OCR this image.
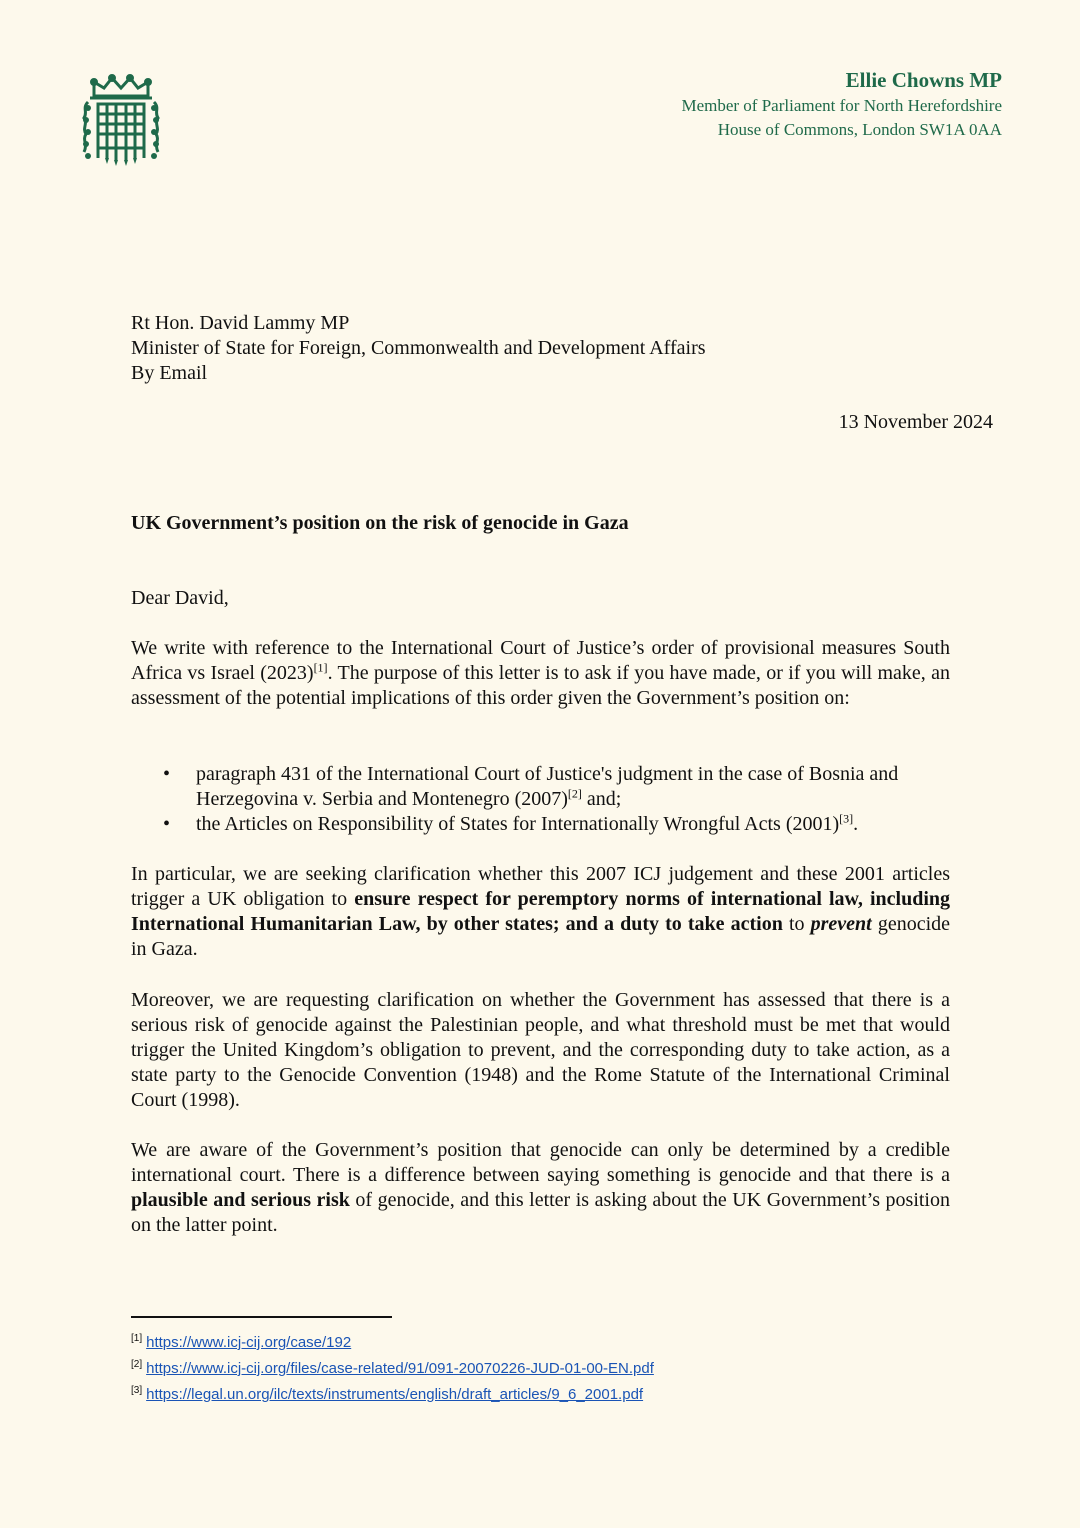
Ellie Chowns MP
Member of Parliament for North Herefordshire
House of Commons, London SW1A 0AA
Rt Hon. David Lammy MP
Minister of State for Foreign, Commonwealth and Development Affairs
By Email
13 November 2024
UK Government’s position on the risk of genocide in Gaza
Dear David,
We write with reference to the International Court of Justice’s order of provisional measures South Africa vs Israel (2023)[1]. The purpose of this letter is to ask if you have made, or if you will make, an assessment of the potential implications of this order given the Government’s position on:
• paragraph 431 of the International Court of Justice's judgment in the case of Bosnia and Herzegovina v. Serbia and Montenegro (2007)[2] and;
• the Articles on Responsibility of States for Internationally Wrongful Acts (2001)[3].
In particular, we are seeking clarification whether this 2007 ICJ judgement and these 2001 articles trigger a UK obligation to ensure respect for peremptory norms of international law, including International Humanitarian Law, by other states; and a duty to take action to prevent genocide in Gaza.
Moreover, we are requesting clarification on whether the Government has assessed that there is a serious risk of genocide against the Palestinian people, and what threshold must be met that would trigger the United Kingdom’s obligation to prevent, and the corresponding duty to take action, as a state party to the Genocide Convention (1948) and the Rome Statute of the International Criminal Court (1998).
We are aware of the Government’s position that genocide can only be determined by a credible international court. There is a difference between saying something is genocide and that there is a plausible and serious risk of genocide, and this letter is asking about the UK Government’s position on the latter point.
[1] https://www.icj-cij.org/case/192
[2] https://www.icj-cij.org/files/case-related/91/091-20070226-JUD-01-00-EN.pdf
[3] https://legal.un.org/ilc/texts/instruments/english/draft_articles/9_6_2001.pdf
